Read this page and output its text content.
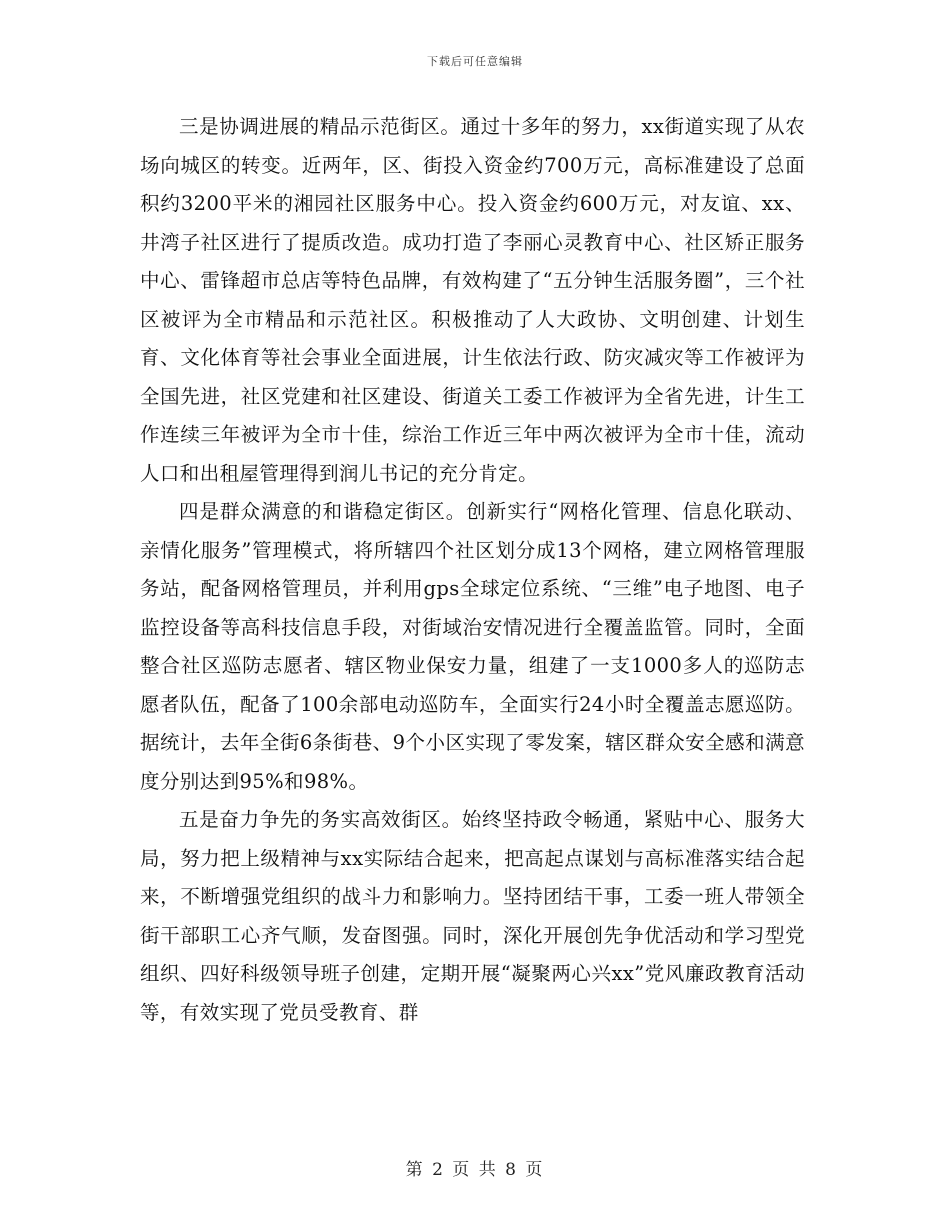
下载后可任意编辑

三是协调进展的精品示范街区。通过十多年的努力，xx街道实现了从农场向城区的转变。近两年，区、街投入资金约700万元，高标准建设了总面积约3200平米的湘园社区服务中心。投入资金约600万元，对友谊、xx、井湾子社区进行了提质改造。成功打造了李丽心灵教育中心、社区矫正服务中心、雷锋超市总店等特色品牌，有效构建了“五分钟生活服务圈”，三个社区被评为全市精品和示范社区。积极推动了人大政协、文明创建、计划生育、文化体育等社会事业全面进展，计生依法行政、防灾减灾等工作被评为全国先进，社区党建和社区建设、街道关工委工作被评为全省先进，计生工作连续三年被评为全市十佳，综治工作近三年中两次被评为全市十佳，流动人口和出租屋管理得到润儿书记的充分肯定。

四是群众满意的和谐稳定街区。创新实行“网格化管理、信息化联动、亲情化服务”管理模式，将所辖四个社区划分成13个网格，建立网格管理服务站，配备网格管理员，并利用gps全球定位系统、“三维”电子地图、电子监控设备等高科技信息手段，对街域治安情况进行全覆盖监管。同时，全面整合社区巡防志愿者、辖区物业保安力量，组建了一支1000多人的巡防志愿者队伍，配备了100余部电动巡防车，全面实行24小时全覆盖志愿巡防。据统计，去年全街6条街巷、9个小区实现了零发案，辖区群众安全感和满意度分别达到95%和98%。

五是奋力争先的务实高效街区。始终坚持政令畅通，紧贴中心、服务大局，努力把上级精神与xx实际结合起来，把高起点谋划与高标准落实结合起来，不断增强党组织的战斗力和影响力。坚持团结干事，工委一班人带领全街干部职工心齐气顺，发奋图强。同时，深化开展创先争优活动和学习型党组织、四好科级领导班子创建，定期开展“凝聚两心兴xx”党风廉政教育活动等，有效实现了党员受教育、群

第 2 页 共 8 页
